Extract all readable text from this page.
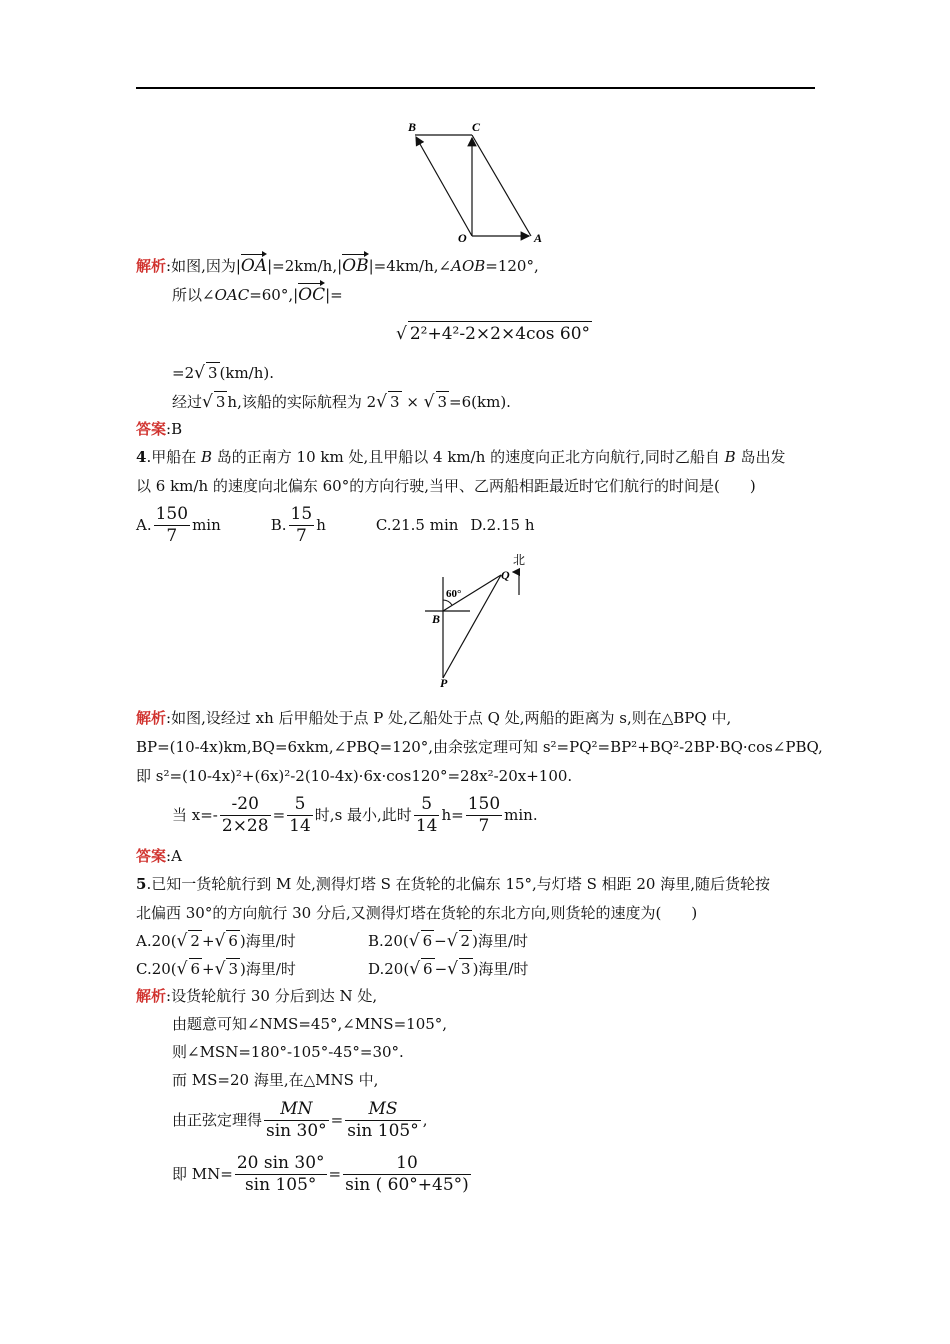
B	C
O	A
解析:如图,因为|OA|=2km/h,|OB|=4km/h,∠AOB=120°,
所以∠OAC=60°,|OC|=
√ 2²+4²-2×2×4cos 60°
=2√ 3 (km/h).
经过√ 3 h,该船的实际航程为 2√ 3 × √ 3 =6(km).
答案:B
4.甲船在 B 岛的正南方 10 km 处,且甲船以 4 km/h 的速度向正北方向航行,同时乙船自 B 岛出发
以 6 km/h 的速度向北偏东 60°的方向行驶,当甲、乙两船相距最近时它们航行的时间是(　　)
A. $\frac{150}{7}$ min	B. $\frac{15}{7}$ h	C.21.5 min D.2.15 h
北
Q
60°
B
P
解析:如图,设经过 xh 后甲船处于点 P 处,乙船处于点 Q 处,两船的距离为 s,则在△BPQ 中,
BP=(10-4x)km,BQ=6xkm,∠PBQ=120°,由余弦定理可知 s²=PQ²=BP²+BQ²-2BP·BQ·cos∠PBQ,
即 s²=(10-4x)²+(6x)²-2(10-4x)·6x·cos120°=28x²-20x+100.
当 $x=- \frac{-20}{2\times 28} = \frac{5}{14}$ 时,s 最小,此时 $\frac{5}{14} h= \frac{150}{7} \min$.
答案:A
5.已知一货轮航行到 M 处,测得灯塔 S 在货轮的北偏东 15°,与灯塔 S 相距 20 海里,随后货轮按
北偏西 30°的方向航行 30 分后,又测得灯塔在货轮的东北方向,则货轮的速度为(　　)
A.20(√ 2 +√ 6 )海里/时	B.20(√ 6 −√ 2 )海里/时
C.20(√ 6 +√ 3 )海里/时	D.20(√ 6 −√ 3 )海里/时
解析:设货轮航行 30 分后到达 N 处,
由题意可知∠NMS=45°,∠MNS=105°,
则∠MSN=180°-105°-45°=30°.
而 MS=20 海里,在△MNS 中,
由正弦定理得 $\frac{MN}{\sin 30^\circ} = \frac{MS}{\sin 105^\circ}$ ,
即 $MN= \frac{20 \sin 30^\circ}{\sin 105^\circ} = \frac{10}{\sin ( 60^\circ+45^\circ)}$
